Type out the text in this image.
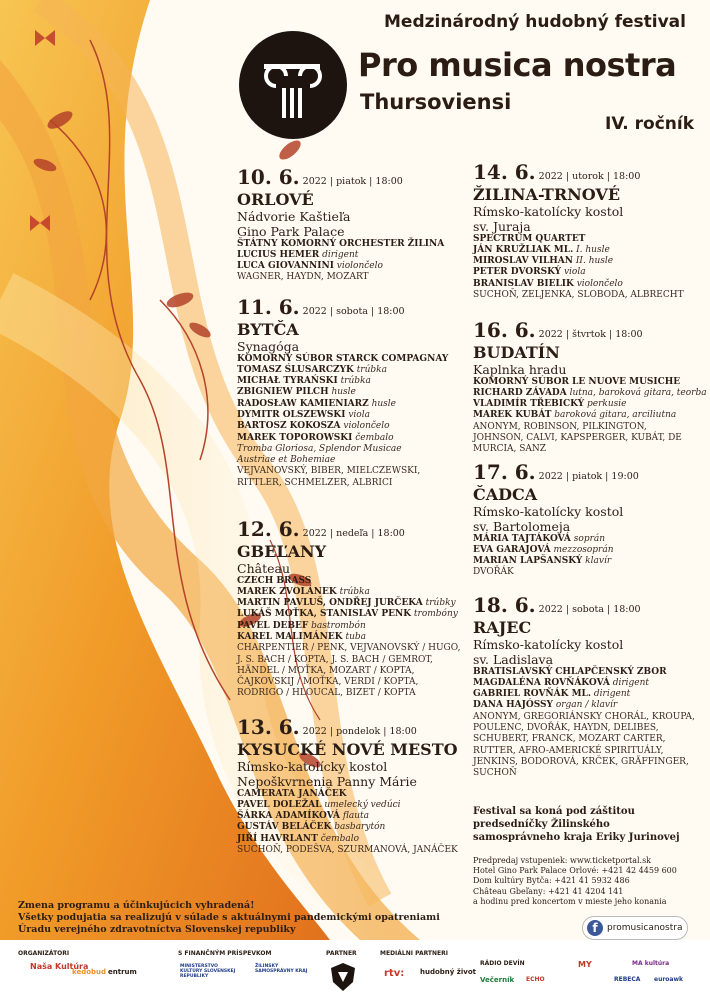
Medzinárodný hudobný festival
Pro musica nostra
Thursoviensi
IV. ročník
10. 6. 2022 | piatok | 18:00
ORLOVÉ
Nádvorie Kaštieľa
Gino Park Palace
ŠTÁTNY KOMORNÝ ORCHESTER ŽILINA
LUCIUS HEMER dirigent
LUCA GIOVANNINI violončelo
WAGNER, HAYDN, MOZART
11. 6. 2022 | sobota | 18:00
BYTČA
Synagóga
KOMORNÝ SÚBOR STARCK COMPAGNAY
TOMASZ ŚLUSARCZYK trúbka
MICHAŁ TYRAŃSKI trúbka
ZBIGNIEW PILCH husle
RADOSŁAW KAMIENIARZ husle
DYMITR OLSZEWSKI viola
BARTOSZ KOKOSZA violončelo
MAREK TOPOROWSKI čembalo
Tromba Gloriosa, Splendor Musicae
Austriae et Bohemiae
VEJVANOVSKÝ, BIBER, MIELCZEWSKI, RITTLER, SCHMELZER, ALBRICI
12. 6. 2022 | nedeľa | 18:00
GBEĽANY
Château
CZECH BRASS
MAREK ZVOLÁNEK trúbka
MARTIN PAVLUŠ, ONDŘEJ JURČEKA trúbky
LUKÁŠ MOŤKA, STANISLAV PENK trombóny
PAVEL DEBEF bastrombón
KAREL MALIMÁNEK tuba
CHARPENTIER / PENK, VEJVANOVSKÝ / HUGO, J. S. BACH / KOPTA, J. S. BACH / GEMROT, HÄNDEL / MOŤKA, MOZART / KOPTA, ČAJKOVSKIJ / MOŤKA, VERDI / KOPTA, RODRIGO / HLOUCAL, BIZET / KOPTA
13. 6. 2022 | pondelok | 18:00
KYSUCKÉ NOVÉ MESTO
Rímsko-katolícky kostol
Nepoškvrnenia Panny Márie
CAMERATA JANÁČEK
PAVEL DOLEŽAL umelecký vedúci
ŠÁRKA ADAMÍKOVÁ flauta
GUSTÁV BELÁČEK basbarytón
JIŘÍ HAVRLANT čembalo
SUCHOŇ, PODEŠVA, SZURMANOVÁ, JANÁČEK
14. 6. 2022 | utorok | 18:00
ŽILINA-TRNOVÉ
Rímsko-katolícky kostol
sv. Juraja
SPECTRUM QUARTET
JÁN KRUŽLIAK ML. I. husle
MIROSLAV VILHAN II. husle
PETER DVORSKÝ viola
BRANISLAV BIELIK violončelo
SUCHOŇ, ZELJENKA, SLOBODA, ALBRECHT
16. 6. 2022 | štvrtok | 18:00
BUDATÍN
Kaplnka hradu
KOMORNÝ SÚBOR LE NUOVE MUSICHE
RICHARD ZÁVADA lutna, baroková gitara, teorba
VLADIMÍR TŘEBICKÝ perkusie
MAREK KUBÁT baroková gitara, arciliutna
ANONYM, ROBINSON, PILKINGTON, JOHNSON, CALVI, KAPSPERGER, KUBÁT, DE MURCIA, SANZ
17. 6. 2022 | piatok | 19:00
ČADCA
Rímsko-katolícky kostol
sv. Bartolomeja
MÁRIA TAJTÁKOVÁ soprán
EVA GARAJOVÁ mezzosoprán
MARIAN LAPŠANSKÝ klavír
DVOŘÁK
18. 6. 2022 | sobota | 18:00
RAJEC
Rímsko-katolícky kostol
sv. Ladislava
BRATISLAVSKÝ CHLAPČENSKÝ ZBOR
MAGDALÉNA ROVŇÁKOVÁ dirigent
GABRIEL ROVŇÁK ML. dirigent
DANA HAJÓSSY organ / klavír
ANONYM, GREGORIÁNSKY CHORÁL, KROUPA, POULENC, DVOŘÁK, HAYDN, DELIBES, SCHUBERT, FRANCK, MOZART CARTER, RUTTER, AFRO-AMERICKÉ SPIRITUÁLY, JENKINS, BODOROVÁ, KRČEK, GRÄFFINGER, SUCHOŇ
Festival sa koná pod záštitou
predsedníčky Žilinského
samosprávneho kraja Eriky Jurinovej
Predpredaj vstupeniek: www.ticketportal.sk
Hotel Gino Park Palace Orlové: +421 42 4459 600
Dom kultúry Bytča: +421 41 5932 486
Château Gbeľany: +421 41 4204 141
a hodinu pred koncertom v mieste jeho konania
Zmena programu a účinkujúcich vyhradená!
Všetky podujatia sa realizujú v súlade s aktuálnymi pandemickými opatreniami
Úradu verejného zdravotníctva Slovenskej republiky	f	promusicanostra
ORGANIZÁTORI	S FINANČNÝM PRÍSPEVKOM	PARTNER	MEDIÁLNI PARTNERI
Naša Kultúra
kedobud entrum
MINISTERSTVO KULTÚRY SLOVENSKEJ REPUBLIKY
ŽILINSKÝ SAMOSPRÁVNY KRAJ	rtv: hudobný život
RÁDIO DEVÍN
Večerník ECHO
MY
REBECA
MA kultúra
euroawk
